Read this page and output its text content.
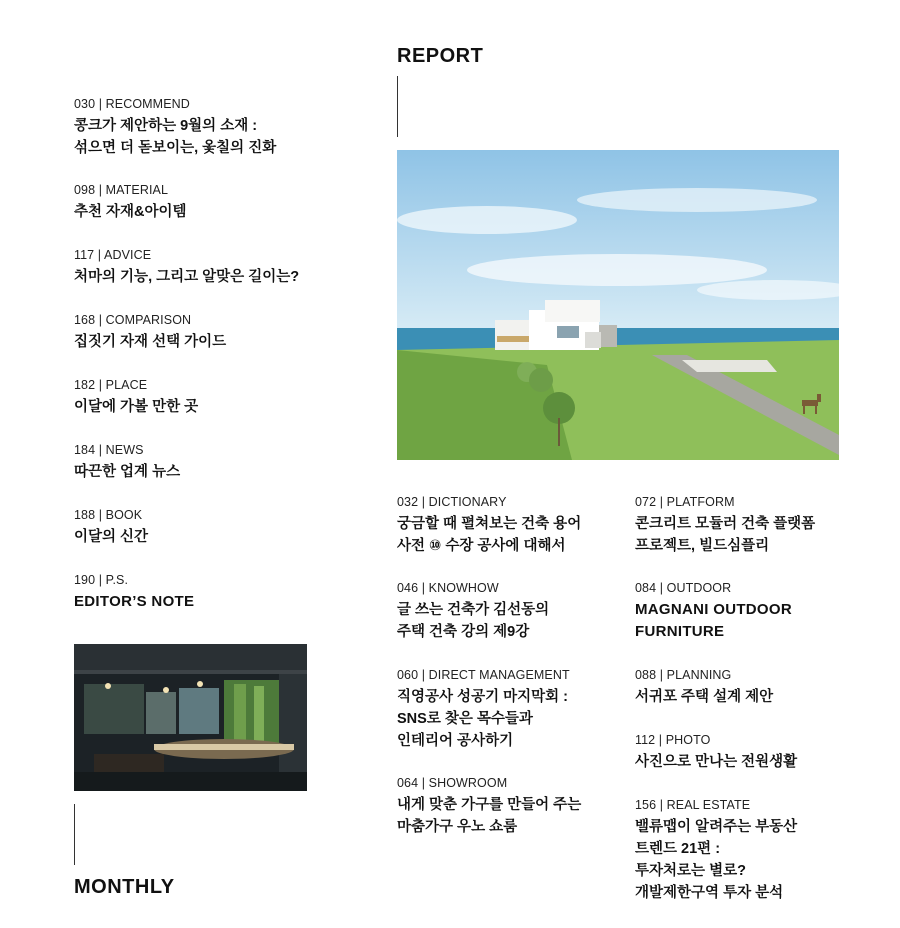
030 | RECOMMEND
콩크가 제안하는 9월의 소재 :
섞으면 더 돋보이는, 옻칠의 진화
098 | MATERIAL
추천 자재&아이템
117 | ADVICE
처마의 기능, 그리고 알맞은 길이는?
168 | COMPARISON
집짓기 자재 선택 가이드
182 | PLACE
이달에 가볼 만한 곳
184 | NEWS
따끈한 업계 뉴스
188 | BOOK
이달의 신간
190 | P.S.
EDITOR’S NOTE
MONTHLY
REPORT
032 | DICTIONARY
궁금할 때 펼쳐보는 건축 용어
사전 ⑩ 수장 공사에 대해서
046 | KNOWHOW
글 쓰는 건축가 김선동의
주택 건축 강의 제9강
060 | DIRECT MANAGEMENT
직영공사 성공기 마지막회 :
SNS로 찾은 목수들과
인테리어 공사하기
064 | SHOWROOM
내게 맞춘 가구를 만들어 주는
마춤가구 우노 쇼룸
072 | PLATFORM
콘크리트 모듈러 건축 플랫폼
프로젝트, 빌드심플리
084 | OUTDOOR
MAGNANI OUTDOOR
FURNITURE
088 | PLANNING
서귀포 주택 설계 제안
112 | PHOTO
사진으로 만나는 전원생활
156 | REAL ESTATE
밸류맵이 알려주는 부동산
트렌드 21편 :
투자처로는 별로?
개발제한구역 투자 분석
